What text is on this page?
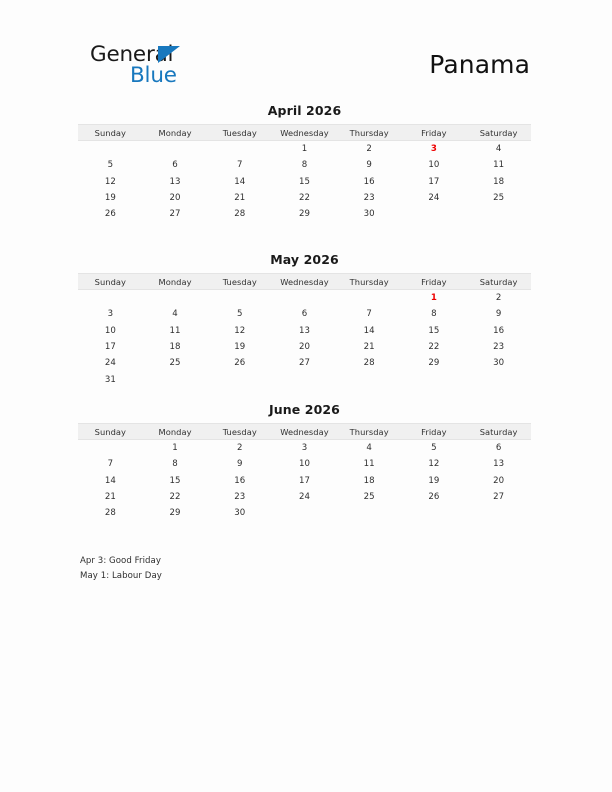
General
Blue	Panama
April 2026
Sunday	Monday	Tuesday	Wednesday	Thursday	Friday	Saturday
			1	2	3	4
5	6	7	8	9	10	11
12	13	14	15	16	17	18
19	20	21	22	23	24	25
26	27	28	29	30		
May 2026
Sunday	Monday	Tuesday	Wednesday	Thursday	Friday	Saturday
					1	2
3	4	5	6	7	8	9
10	11	12	13	14	15	16
17	18	19	20	21	22	23
24	25	26	27	28	29	30
31						
June 2026
Sunday	Monday	Tuesday	Wednesday	Thursday	Friday	Saturday
	1	2	3	4	5	6
7	8	9	10	11	12	13
14	15	16	17	18	19	20
21	22	23	24	25	26	27
28	29	30				
Apr 3: Good Friday
May 1: Labour Day
